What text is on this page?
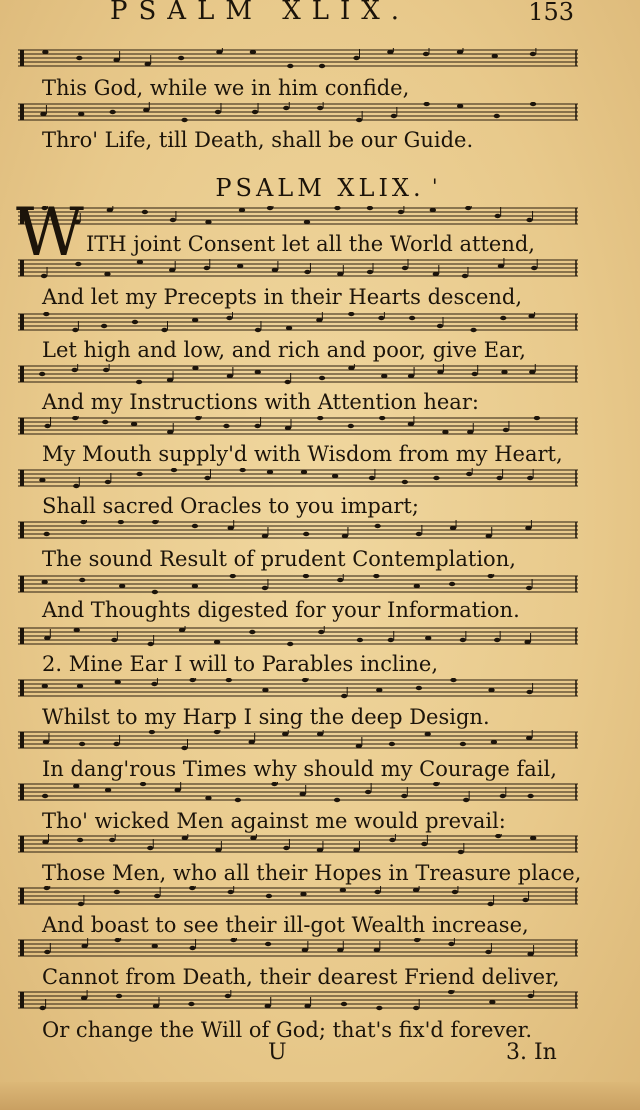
PSALM XLIX.	153
This God, while we in him confide,
Thro' Life, till Death, shall be our Guide.
PSALM XLIX. '
W ITH joint Consent let all the World attend,
And let my Precepts in their Hearts descend,
Let high and low, and rich and poor, give Ear,
And my Instructions with Attention hear:
My Mouth supply'd with Wisdom from my Heart,
Shall sacred Oracles to you impart;
The sound Result of prudent Contemplation,
And Thoughts digested for your Information.
2. Mine Ear I will to Parables incline,
Whilst to my Harp I sing the deep Design.
In dang'rous Times why should my Courage fail,
Tho' wicked Men against me would prevail:
Those Men, who all their Hopes in Treasure place,
And boast to see their ill-got Wealth increase,
Cannot from Death, their dearest Friend deliver,
Or change the Will of God; that's fix'd forever.
U	3. In
